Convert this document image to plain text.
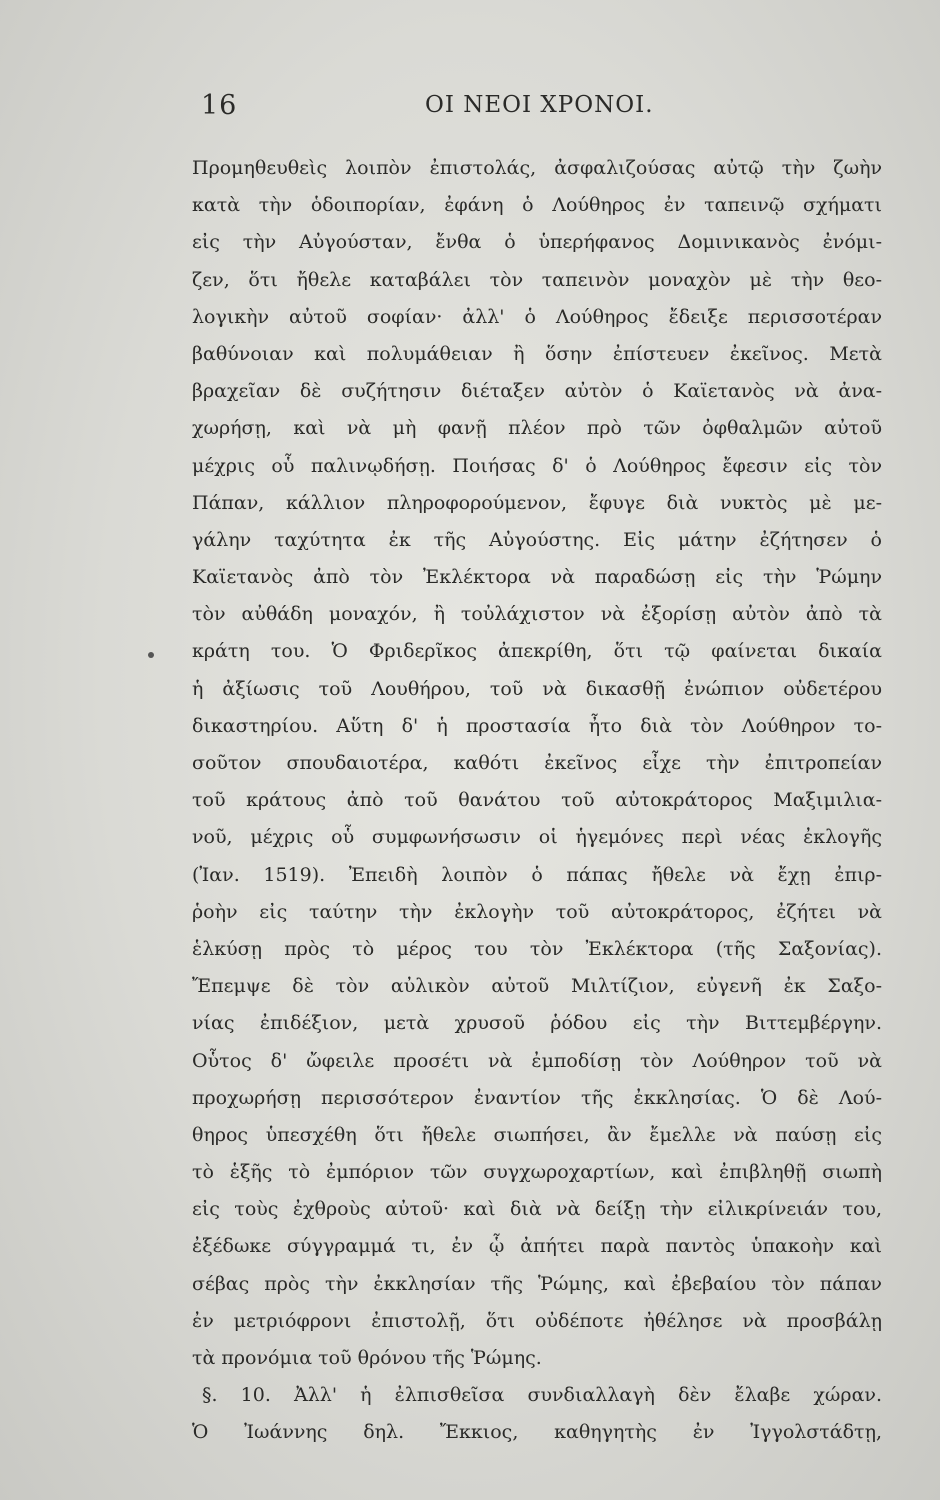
16	ΟΙ ΝΕΟΙ ΧΡΟΝΟΙ.
Προμηθευθεὶς λοιπὸν ἐπιστολάς, ἀσφαλιζούσας αὐτῷ τὴν ζωὴν
κατὰ τὴν ὁδοιπορίαν, ἐφάνη ὁ Λούθηρος ἐν ταπεινῷ σχήματι
εἰς τὴν Αὐγούσταν, ἔνθα ὁ ὑπερήφανος Δομινικανὸς ἐνόμι-
ζεν, ὅτι ἤθελε καταβάλει τὸν ταπεινὸν μοναχὸν μὲ τὴν θεο-
λογικὴν αὐτοῦ σοφίαν· ἀλλ' ὁ Λούθηρος ἔδειξε περισσοτέραν
βαθύνοιαν καὶ πολυμάθειαν ἢ ὅσην ἐπίστευεν ἐκεῖνος. Μετὰ
βραχεῖαν δὲ συζήτησιν διέταξεν αὐτὸν ὁ Καϊετανὸς νὰ ἀνα-
χωρήσῃ, καὶ νὰ μὴ φανῇ πλέον πρὸ τῶν ὀφθαλμῶν αὐτοῦ
μέχρις οὗ παλινῳδήσῃ. Ποιήσας δ' ὁ Λούθηρος ἔφεσιν εἰς τὸν
Πάπαν, κάλλιον πληροφορούμενον, ἔφυγε διὰ νυκτὸς μὲ με-
γάλην ταχύτητα ἐκ τῆς Αὐγούστης. Εἰς μάτην ἐζήτησεν ὁ
Καϊετανὸς ἀπὸ τὸν Ἐκλέκτορα νὰ παραδώσῃ εἰς τὴν Ῥώμην
τὸν αὐθάδη μοναχόν, ἢ τοὐλάχιστον νὰ ἐξορίσῃ αὐτὸν ἀπὸ τὰ
κράτη του. Ὁ Φριδερῖκος ἀπεκρίθη, ὅτι τῷ φαίνεται δικαία
ἡ ἀξίωσις τοῦ Λουθήρου, τοῦ νὰ δικασθῇ ἐνώπιον οὐδετέρου
δικαστηρίου. Αὕτη δ' ἡ προστασία ἦτο διὰ τὸν Λούθηρον το-
σοῦτον σπουδαιοτέρα, καθότι ἐκεῖνος εἶχε τὴν ἐπιτροπείαν
τοῦ κράτους ἀπὸ τοῦ θανάτου τοῦ αὐτοκράτορος Μαξιμιλια-
νοῦ, μέχρις οὗ συμφωνήσωσιν οἱ ἡγεμόνες περὶ νέας ἐκλογῆς
(Ἰαν. 1519). Ἐπειδὴ λοιπὸν ὁ πάπας ἤθελε νὰ ἔχῃ ἐπιρ-
ῥοὴν εἰς ταύτην τὴν ἐκλογὴν τοῦ αὐτοκράτορος, ἐζήτει νὰ
ἑλκύσῃ πρὸς τὸ μέρος του τὸν Ἐκλέκτορα (τῆς Σαξονίας).
Ἔπεμψε δὲ τὸν αὐλικὸν αὐτοῦ Μιλτίζιον, εὐγενῆ ἐκ Σαξο-
νίας ἐπιδέξιον, μετὰ χρυσοῦ ῥόδου εἰς τὴν Βιττεμβέργην.
Οὗτος δ' ὤφειλε προσέτι νὰ ἐμποδίσῃ τὸν Λούθηρον τοῦ νὰ
προχωρήσῃ περισσότερον ἐναντίον τῆς ἐκκλησίας. Ὁ δὲ Λού-
θηρος ὑπεσχέθη ὅτι ἤθελε σιωπήσει, ἂν ἔμελλε νὰ παύσῃ εἰς
τὸ ἑξῆς τὸ ἐμπόριον τῶν συγχωροχαρτίων, καὶ ἐπιβληθῇ σιωπὴ
εἰς τοὺς ἐχθροὺς αὐτοῦ· καὶ διὰ νὰ δείξῃ τὴν εἰλικρίνειάν του,
ἐξέδωκε σύγγραμμά τι, ἐν ᾧ ἀπήτει παρὰ παντὸς ὑπακοὴν καὶ
σέβας πρὸς τὴν ἐκκλησίαν τῆς Ῥώμης, καὶ ἐβεβαίου τὸν πάπαν
ἐν μετριόφρονι ἐπιστολῇ, ὅτι οὐδέποτε ἠθέλησε νὰ προσβάλῃ
τὰ προνόμια τοῦ θρόνου τῆς Ῥώμης.
§. 10. Ἀλλ' ἡ ἐλπισθεῖσα συνδιαλλαγὴ δὲν ἔλαβε χώραν.
Ὁ Ἰωάννης δηλ. Ἔκκιος, καθηγητὴς ἐν Ἰγγολστάδτῃ,
